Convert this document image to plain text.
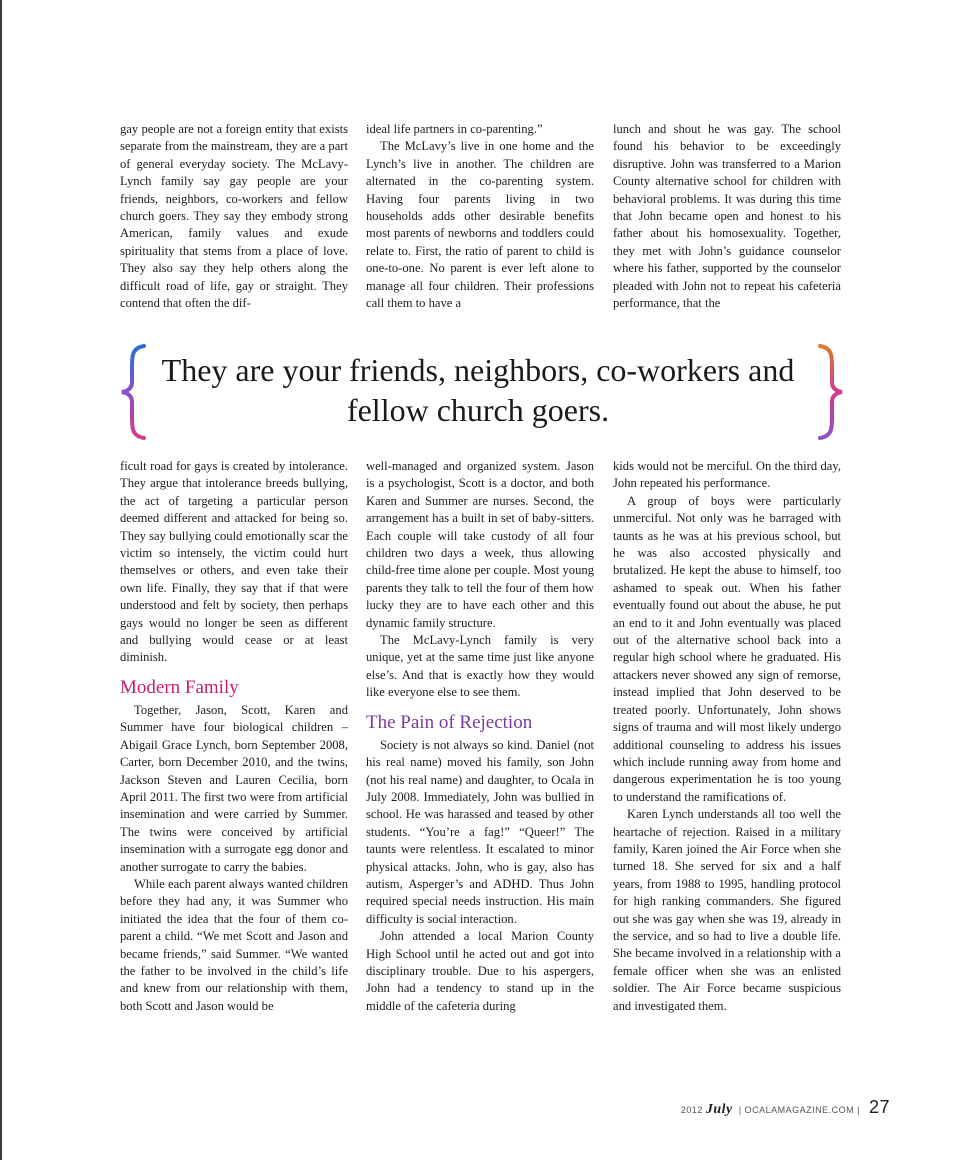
gay people are not a foreign entity that exists separate from the mainstream, they are a part of general everyday society. The McLavy-Lynch family say gay people are your friends, neighbors, co-workers and fellow church goers. They say they embody strong American, family values and exude spirituality that stems from a place of love. They also say they help others along the difficult road of life, gay or straight. They contend that often the dif-

ideal life partners in co-parenting.”

The McLavy’s live in one home and the Lynch’s live in another. The children are alternated in the co-parenting system. Having four parents living in two households adds other desirable benefits most parents of newborns and toddlers could relate to. First, the ratio of parent to child is one-to-one. No parent is ever left alone to manage all four children. Their professions call them to have a

lunch and shout he was gay. The school found his behavior to be exceedingly disruptive. John was transferred to a Marion County alternative school for children with behavioral problems. It was during this time that John became open and honest to his father about his homosexuality. Together, they met with John’s guidance counselor where his father, supported by the counselor pleaded with John not to repeat his cafeteria performance, that the

They are your friends, neighbors, co-workers and fellow church goers.

ficult road for gays is created by intolerance. They argue that intolerance breeds bullying, the act of targeting a particular person deemed different and attacked for being so. They say bullying could emotionally scar the victim so intensely, the victim could hurt themselves or others, and even take their own life. Finally, they say that if that were understood and felt by society, then perhaps gays would no longer be seen as different and bullying would cease or at least diminish.

Modern Family

Together, Jason, Scott, Karen and Summer have four biological children – Abigail Grace Lynch, born September 2008, Carter, born December 2010, and the twins, Jackson Steven and Lauren Cecilia, born April 2011. The first two were from artificial insemination and were carried by Summer. The twins were conceived by artificial insemination with a surrogate egg donor and another surrogate to carry the babies.

While each parent always wanted children before they had any, it was Summer who initiated the idea that the four of them co-parent a child. “We met Scott and Jason and became friends,” said Summer. “We wanted the father to be involved in the child’s life and knew from our relationship with them, both Scott and Jason would be

well-managed and organized system. Jason is a psychologist, Scott is a doctor, and both Karen and Summer are nurses. Second, the arrangement has a built in set of baby-sitters. Each couple will take custody of all four children two days a week, thus allowing child-free time alone per couple. Most young parents they talk to tell the four of them how lucky they are to have each other and this dynamic family structure.

The McLavy-Lynch family is very unique, yet at the same time just like anyone else’s. And that is exactly how they would like everyone else to see them.

The Pain of Rejection

Society is not always so kind. Daniel (not his real name) moved his family, son John (not his real name) and daughter, to Ocala in July 2008. Immediately, John was bullied in school. He was harassed and teased by other students. “You’re a fag!” “Queer!” The taunts were relentless. It escalated to minor physical attacks. John, who is gay, also has autism, Asperger’s and ADHD. Thus John required special needs instruction. His main difficulty is social interaction.

John attended a local Marion County High School until he acted out and got into disciplinary trouble. Due to his aspergers, John had a tendency to stand up in the middle of the cafeteria during

kids would not be merciful. On the third day, John repeated his performance.

A group of boys were particularly unmerciful. Not only was he barraged with taunts as he was at his previous school, but he was also accosted physically and brutalized. He kept the abuse to himself, too ashamed to speak out. When his father eventually found out about the abuse, he put an end to it and John eventually was placed out of the alternative school back into a regular high school where he graduated. His attackers never showed any sign of remorse, instead implied that John deserved to be treated poorly. Unfortunately, John shows signs of trauma and will most likely undergo additional counseling to address his issues which include running away from home and dangerous experimentation he is too young to understand the ramifications of.

Karen Lynch understands all too well the heartache of rejection. Raised in a military family, Karen joined the Air Force when she turned 18. She served for six and a half years, from 1988 to 1995, handling protocol for high ranking commanders. She figured out she was gay when she was 19, already in the service, and so had to live a double life. She became involved in a relationship with a female officer when she was an enlisted soldier. The Air Force became suspicious and investigated them.

2012 July | OCALAMAGAZINE.COM | 27
